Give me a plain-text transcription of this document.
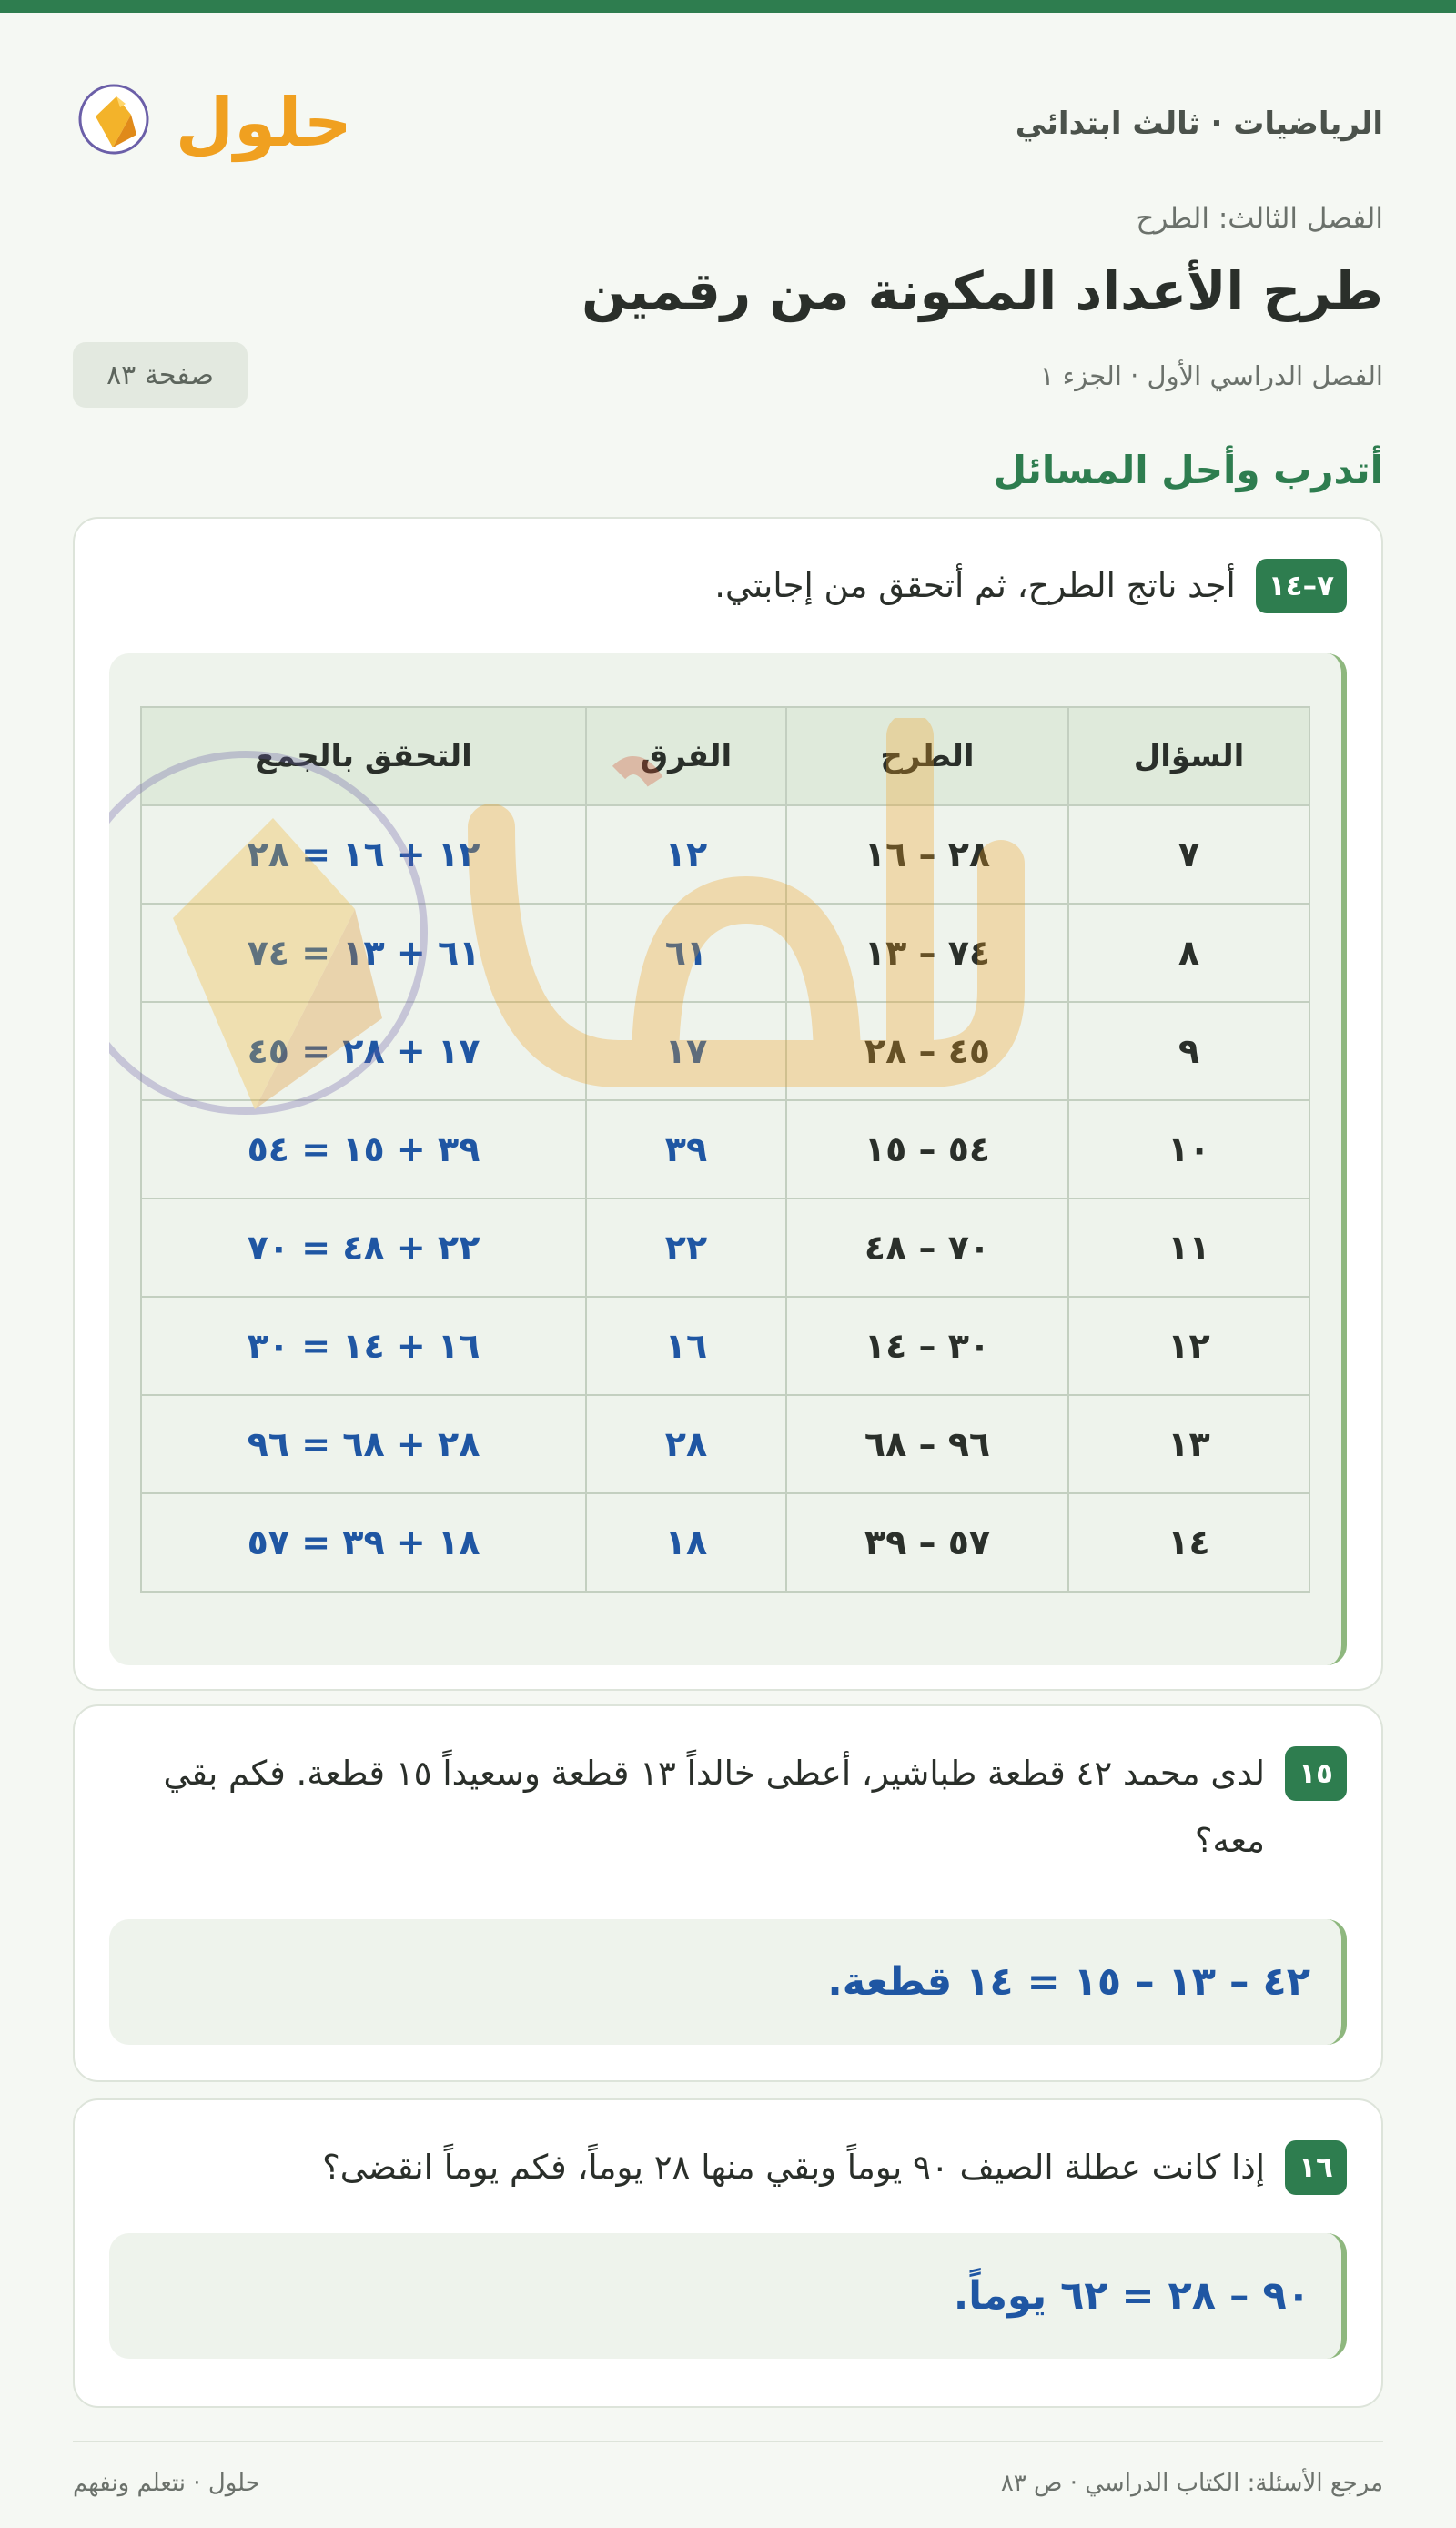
الرياضيات · ثالث ابتدائي
حلول
الفصل الثالث: الطرح
طرح الأعداد المكونة من رقمين
الفصل الدراسي الأول · الجزء ١
صفحة ٨٣
أتدرب وأحل المسائل
٧–١٤
أجد ناتج الطرح، ثم أتحقق من إجابتي.
السؤال	الطرح	الفرق	التحقق بالجمع
٧	٢٨ – ١٦	١٢	١٢ + ١٦ = ٢٨
٨	٧٤ – ١٣	٦١	٦١ + ١٣ = ٧٤
٩	٤٥ – ٢٨	١٧	١٧ + ٢٨ = ٤٥
١٠	٥٤ – ١٥	٣٩	٣٩ + ١٥ = ٥٤
١١	٧٠ – ٤٨	٢٢	٢٢ + ٤٨ = ٧٠
١٢	٣٠ – ١٤	١٦	١٦ + ١٤ = ٣٠
١٣	٩٦ – ٦٨	٢٨	٢٨ + ٦٨ = ٩٦
١٤	٥٧ – ٣٩	١٨	١٨ + ٣٩ = ٥٧
١٥
لدى محمد ٤٢ قطعة طباشير، أعطى خالداً ١٣ قطعة وسعيداً ١٥ قطعة. فكم بقي معه؟
٤٢ – ١٣ – ١٥ = ١٤ قطعة.
١٦
إذا كانت عطلة الصيف ٩٠ يوماً وبقي منها ٢٨ يوماً، فكم يوماً انقضى؟
٩٠ – ٢٨ = ٦٢ يوماً.
مرجع الأسئلة: الكتاب الدراسي · ص ٨٣
حلول · نتعلم ونفهم
